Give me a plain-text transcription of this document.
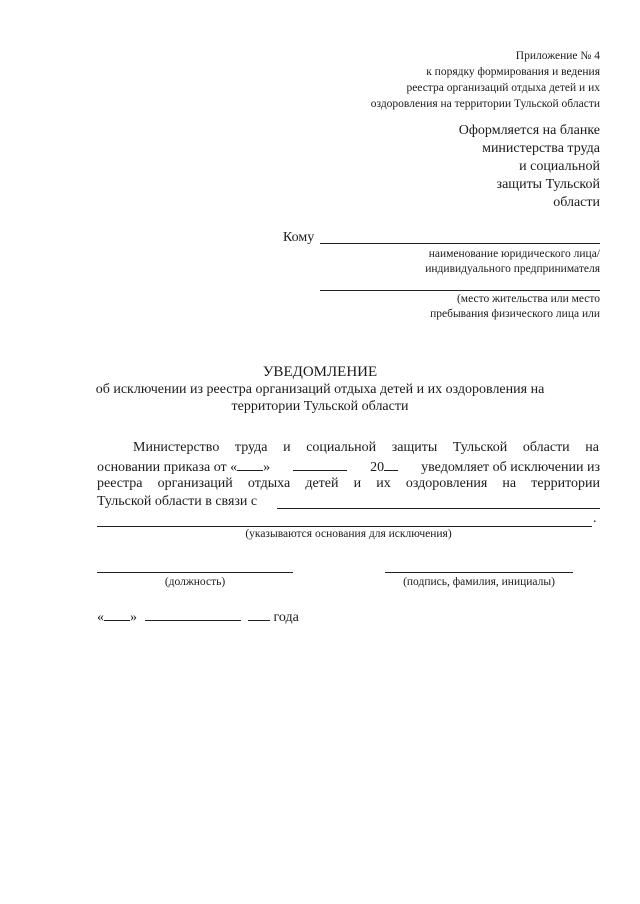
Приложение № 4
к порядку формирования и ведения
реестра организаций отдыха детей и их
оздоровления на территории Тульской области
Оформляется на бланке
министерства труда
и социальной
защиты Тульской
области
Кому
наименование юридического лица/
индивидуального предпринимателя
(место жительства или место
пребывания физического лица или
УВЕДОМЛЕНИЕ
об исключении из реестра организаций отдыха детей и их оздоровления на
территории Тульской области
Министерство труда и социальной защиты Тульской области на
основании приказа от « »	20	уведомляет об исключении из
реестра организаций отдыха детей и их оздоровления на территории
Тульской области в связи с
.
(указываются основания для исключения)
(должность)	(подпись, фамилия, инициалы)
« »	года
